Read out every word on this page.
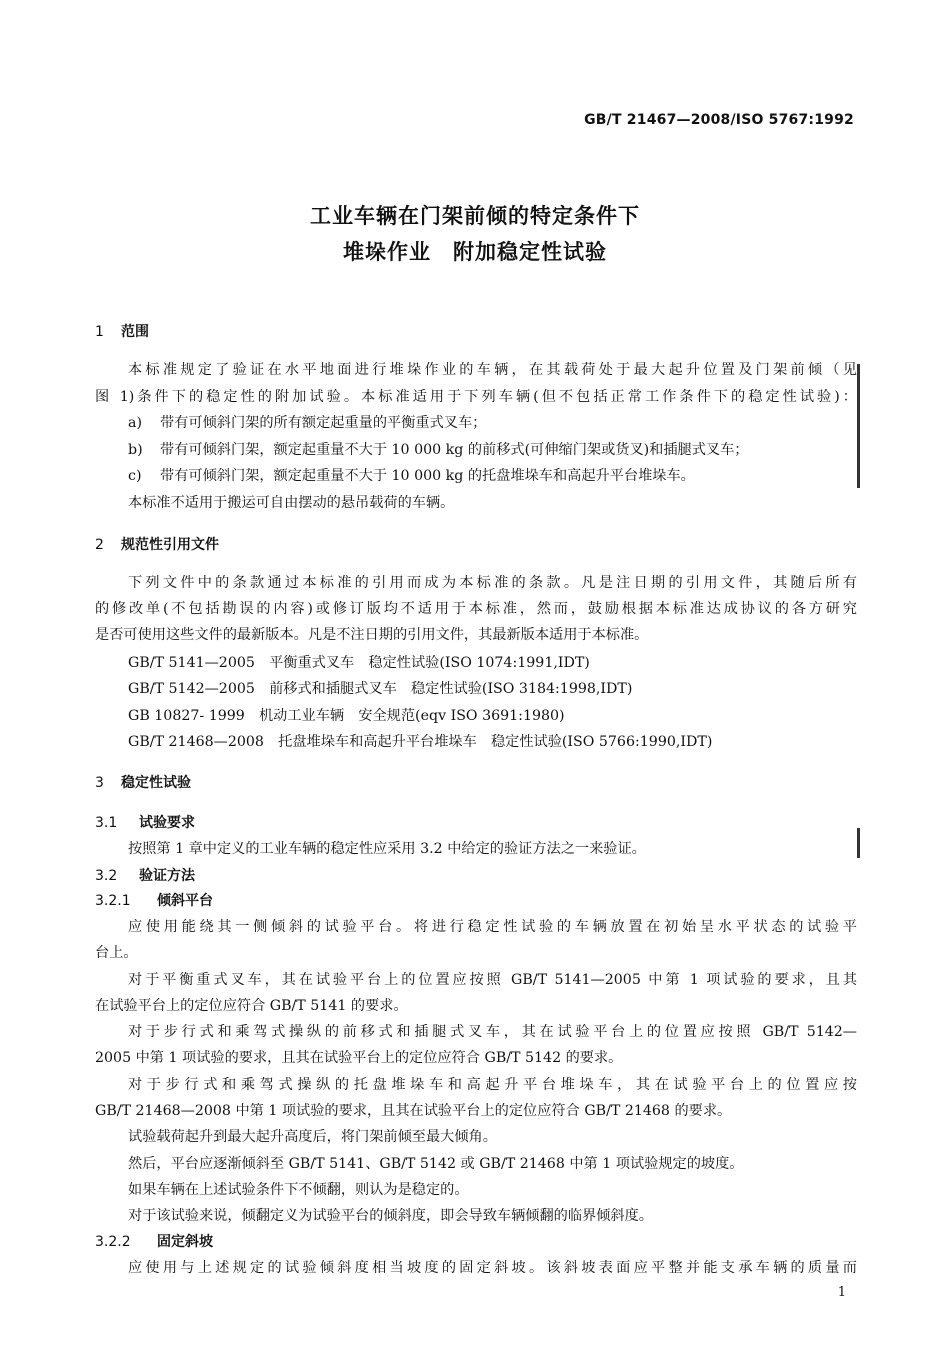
GB/T 21467—2008/ISO 5767:1992
工业车辆在门架前倾的特定条件下
堆垛作业　附加稳定性试验
1 范围
本标准规定了验证在水平地面进行堆垛作业的车辆，在其载荷处于最大起升位置及门架前倾（见
图 1)条件下的稳定性的附加试验。本标准适用于下列车辆(但不包括正常工作条件下的稳定性试验)：
a) 带有可倾斜门架的所有额定起重量的平衡重式叉车；
b) 带有可倾斜门架，额定起重量不大于 10 000 kg 的前移式(可伸缩门架或货叉)和插腿式叉车；
c) 带有可倾斜门架，额定起重量不大于 10 000 kg 的托盘堆垛车和高起升平台堆垛车。
本标准不适用于搬运可自由摆动的悬吊载荷的车辆。
2 规范性引用文件
下列文件中的条款通过本标准的引用而成为本标准的条款。凡是注日期的引用文件，其随后所有
的修改单(不包括勘误的内容)或修订版均不适用于本标准，然而，鼓励根据本标准达成协议的各方研究
是否可使用这些文件的最新版本。凡是不注日期的引用文件，其最新版本适用于本标准。
GB/T 5141—2005　平衡重式叉车　稳定性试验(ISO 1074:1991,IDT)
GB/T 5142—2005　前移式和插腿式叉车　稳定性试验(ISO 3184:1998,IDT)
GB 10827- 1999　机动工业车辆　安全规范(eqv ISO 3691:1980)
GB/T 21468—2008　托盘堆垛车和高起升平台堆垛车　稳定性试验(ISO 5766:1990,IDT)
3 稳定性试验
3.1 试验要求
按照第 1 章中定义的工业车辆的稳定性应采用 3.2 中给定的验证方法之一来验证。
3.2 验证方法
3.2.1 倾斜平台
应使用能绕其一侧倾斜的试验平台。将进行稳定性试验的车辆放置在初始呈水平状态的试验平
台上。
对于平衡重式叉车，其在试验平台上的位置应按照 GB/T 5141—2005 中第 1 项试验的要求，且其
在试验平台上的定位应符合 GB/T 5141 的要求。
对于步行式和乘驾式操纵的前移式和插腿式叉车，其在试验平台上的位置应按照 GB/T 5142—
2005 中第 1 项试验的要求，且其在试验平台上的定位应符合 GB/T 5142 的要求。
对于步行式和乘驾式操纵的托盘堆垛车和高起升平台堆垛车，其在试验平台上的位置应按
GB/T 21468—2008 中第 1 项试验的要求，且其在试验平台上的定位应符合 GB/T 21468 的要求。
试验载荷起升到最大起升高度后，将门架前倾至最大倾角。
然后，平台应逐渐倾斜至 GB/T 5141、GB/T 5142 或 GB/T 21468 中第 1 项试验规定的坡度。
如果车辆在上述试验条件下不倾翻，则认为是稳定的。
对于该试验来说，倾翻定义为试验平台的倾斜度，即会导致车辆倾翻的临界倾斜度。
3.2.2 固定斜坡
应使用与上述规定的试验倾斜度相当坡度的固定斜坡。该斜坡表面应平整并能支承车辆的质量而
1
